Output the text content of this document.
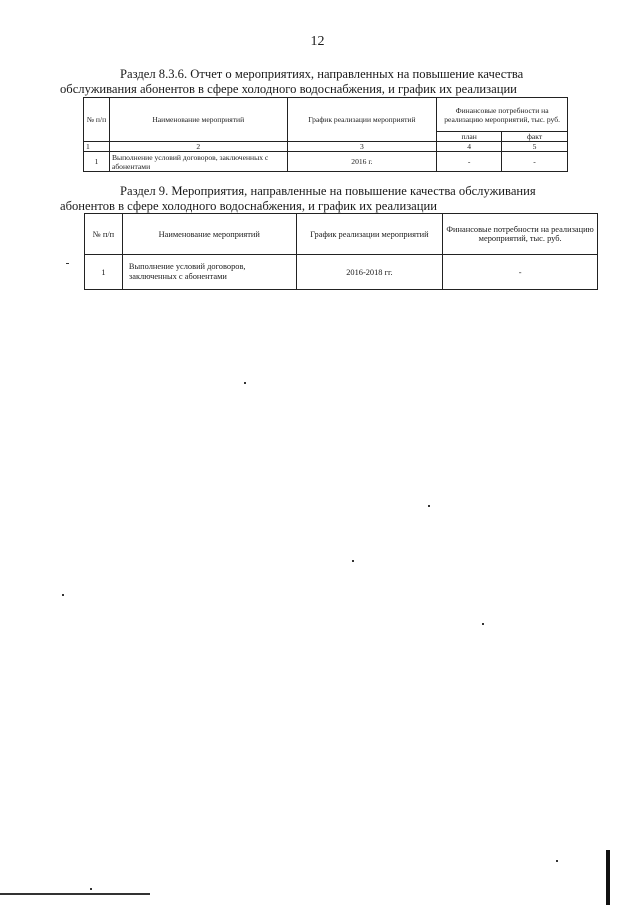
12
Раздел 8.3.6. Отчет о мероприятиях, направленных на повышение качества
обслуживания абонентов в сфере холодного водоснабжения, и график их реализации
№ п/п	Наименование мероприятий	График реализации мероприятий	Финансовые потребности на реализацию мероприятий, тыс. руб.	
			план	факт
1	2	3	4	5
1	Выполнение условий договоров, заключенных с абонентами	2016 г.	-	-
Раздел 9. Мероприятия, направленные на повышение качества обслуживания
абонентов в сфере холодного водоснабжения, и график их реализации
№ п/п	Наименование мероприятий	График реализации мероприятий	Финансовые потребности на реализацию мероприятий, тыс. руб.
1	Выполнение условий договоров, заключенных с абонентами	2016-2018 гг.	-
